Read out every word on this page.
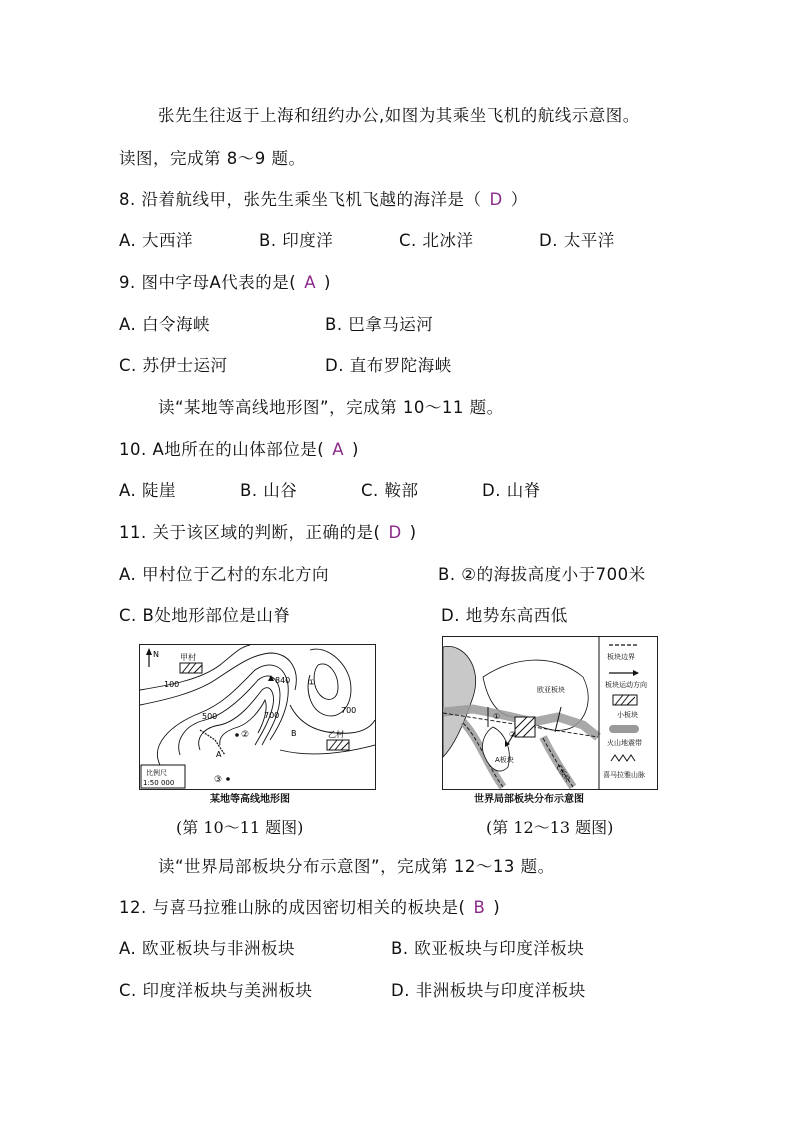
张先生往返于上海和纽约办公,如图为其乘坐飞机的航线示意图。
读图，完成第 8～9 题。
8. 沿着航线甲，张先生乘坐飞机飞越的海洋是（ D ）
A. 大西洋	B. 印度洋	C. 北冰洋	D. 太平洋
9. 图中字母A代表的是( A )
A. 白令海峡	B. 巴拿马运河
C. 苏伊士运河	D. 直布罗陀海峡
读“某地等高线地形图”，完成第 10～11 题。
10. A地所在的山体部位是( A )
A. 陡崖	B. 山谷	C. 鞍部	D. 山脊
11. 关于该区域的判断，正确的是( D )
A. 甲村位于乙村的东北方向	B. ②的海拔高度小于700米
C. B处地形部位是山脊	D. 地势东高西低
N	甲村
100
500	700
700
840 ①
②
A
B	乙村
③
比例尺
1:50 000
某地等高线地形图
(第 10～11 题图)
欧亚板块
A板块
C板块
①
②
板块边界
板块运动方向
小板块
火山地震带
喜马拉雅山脉
世界局部板块分布示意图
(第 12～13 题图)
读“世界局部板块分布示意图”，完成第 12～13 题。
12. 与喜马拉雅山脉的成因密切相关的板块是( B )
A. 欧亚板块与非洲板块	B. 欧亚板块与印度洋板块
C. 印度洋板块与美洲板块	D. 非洲板块与印度洋板块
